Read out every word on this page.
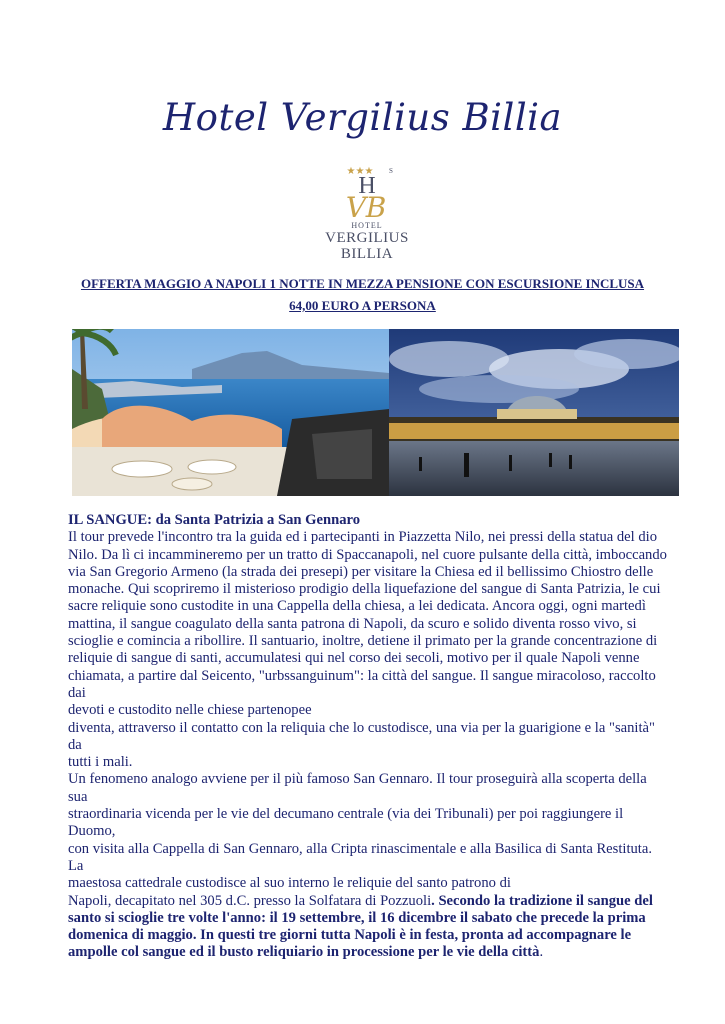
Hotel Vergilius Billia
★★★ S
H
V B
HOTEL
VERGILIUS
BILLIA
OFFERTA MAGGIO A NAPOLI 1 NOTTE IN MEZZA PENSIONE CON ESCURSIONE INCLUSA
64,00 EURO A PERSONA

IL SANGUE: da Santa Patrizia a San Gennaro

Il tour prevede l'incontro tra la guida ed i partecipanti in Piazzetta Nilo, nei pressi della statua del dio

Nilo. Da lì ci incammineremo per un tratto di Spaccanapoli, nel cuore pulsante della città, imboccando

via San Gregorio Armeno (la strada dei presepi) per visitare la Chiesa ed il bellissimo Chiostro delle

monache. Qui scopriremo il misterioso prodigio della liquefazione del sangue di Santa Patrizia, le cui

sacre reliquie sono custodite in una Cappella della chiesa, a lei dedicata. Ancora oggi, ogni martedì

mattina, il sangue coagulato della santa patrona di Napoli, da scuro e solido diventa rosso vivo, si

scioglie e comincia a ribollire. Il santuario, inoltre, detiene il primato per la grande concentrazione di

reliquie di sangue di santi, accumulatesi qui nel corso dei secoli, motivo per il quale Napoli venne

chiamata, a partire dal Seicento, "urbssanguinum": la città del sangue. Il sangue miracoloso, raccolto dai

devoti e custodito nelle chiese partenopee

diventa, attraverso il contatto con la reliquia che lo custodisce, una via per la guarigione e la "sanità" da

tutti i mali.

Un fenomeno analogo avviene per il più famoso San Gennaro. Il tour proseguirà alla scoperta della sua

straordinaria vicenda per le vie del decumano centrale (via dei Tribunali) per poi raggiungere il Duomo,

con visita alla Cappella di San Gennaro, alla Cripta rinascimentale e alla Basilica di Santa Restituta. La

maestosa cattedrale custodisce al suo interno le reliquie del santo patrono di

Napoli, decapitato nel 305 d.C. presso la Solfatara di Pozzuoli. Secondo la tradizione il sangue del

santo si scioglie tre volte l'anno: il 19 settembre, il 16 dicembre il sabato che precede la prima

domenica di maggio. In questi tre giorni tutta Napoli è in festa, pronta ad accompagnare le

ampolle col sangue ed il busto reliquiario in processione per le vie della città.
